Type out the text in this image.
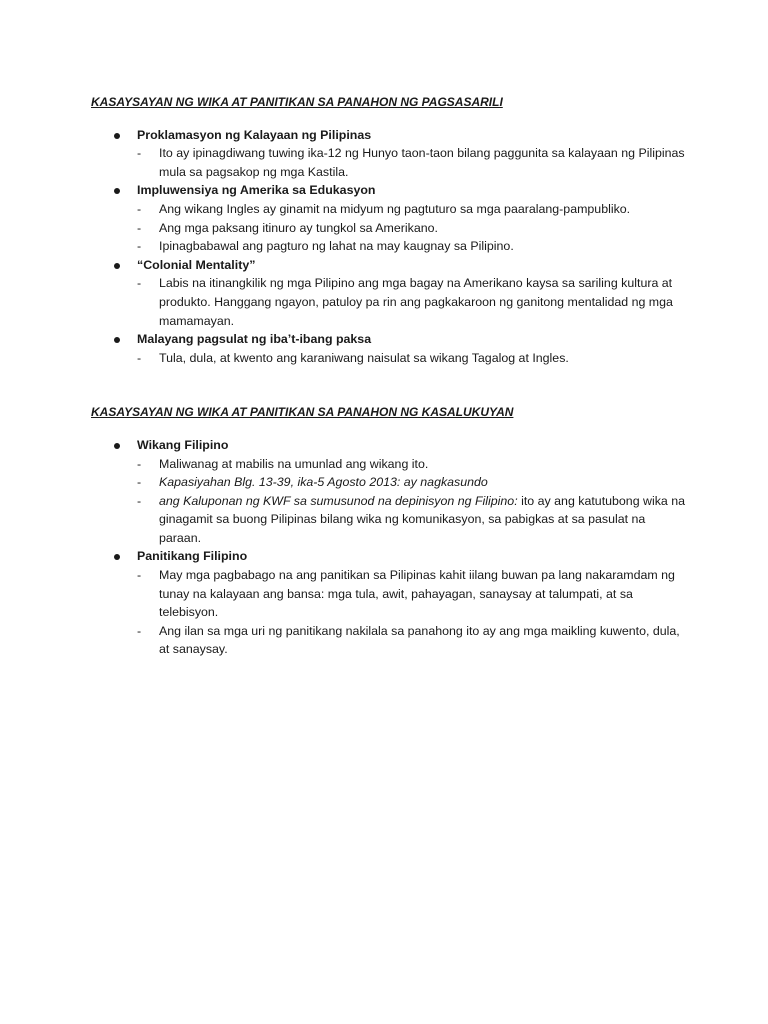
KASAYSAYAN NG WIKA AT PANITIKAN SA PANAHON NG PAGSASARILI
Proklamasyon ng Kalayaan ng Pilipinas
- Ito ay ipinagdiwang tuwing ika-12 ng Hunyo taon-taon bilang paggunita sa kalayaan ng Pilipinas mula sa pagsakop ng mga Kastila.
Impluwensiya ng Amerika sa Edukasyon
- Ang wikang Ingles ay ginamit na midyum ng pagtuturo sa mga paaralang-pampubliko.
- Ang mga paksang itinuro ay tungkol sa Amerikano.
- Ipinagbabawal ang pagturo ng lahat na may kaugnay sa Pilipino.
“Colonial Mentality”
- Labis na itinangkilik ng mga Pilipino ang mga bagay na Amerikano kaysa sa sariling kultura at produkto. Hanggang ngayon, patuloy pa rin ang pagkakaroon ng ganitong mentalidad ng mga mamamayan.
Malayang pagsulat ng iba’t-ibang paksa
- Tula, dula, at kwento ang karaniwang naisulat sa wikang Tagalog at Ingles.
KASAYSAYAN NG WIKA AT PANITIKAN SA PANAHON NG KASALUKUYAN
Wikang Filipino
- Maliwanag at mabilis na umunlad ang wikang ito.
- Kapasiyahan Blg. 13-39, ika-5 Agosto 2013: ay nagkasundo
- ang Kaluponan ng KWF sa sumusunod na depinisyon ng Filipino: ito ay ang katutubong wika na ginagamit sa buong Pilipinas bilang wika ng komunikasyon, sa pabigkas at sa pasulat na paraan.
Panitikang Filipino
- May mga pagbabago na ang panitikan sa Pilipinas kahit iilang buwan pa lang nakaramdam ng tunay na kalayaan ang bansa: mga tula, awit, pahayagan, sanaysay at talumpati, at sa telebisyon.
- Ang ilan sa mga uri ng panitikang nakilala sa panahong ito ay ang mga maikling kuwento, dula, at sanaysay.
